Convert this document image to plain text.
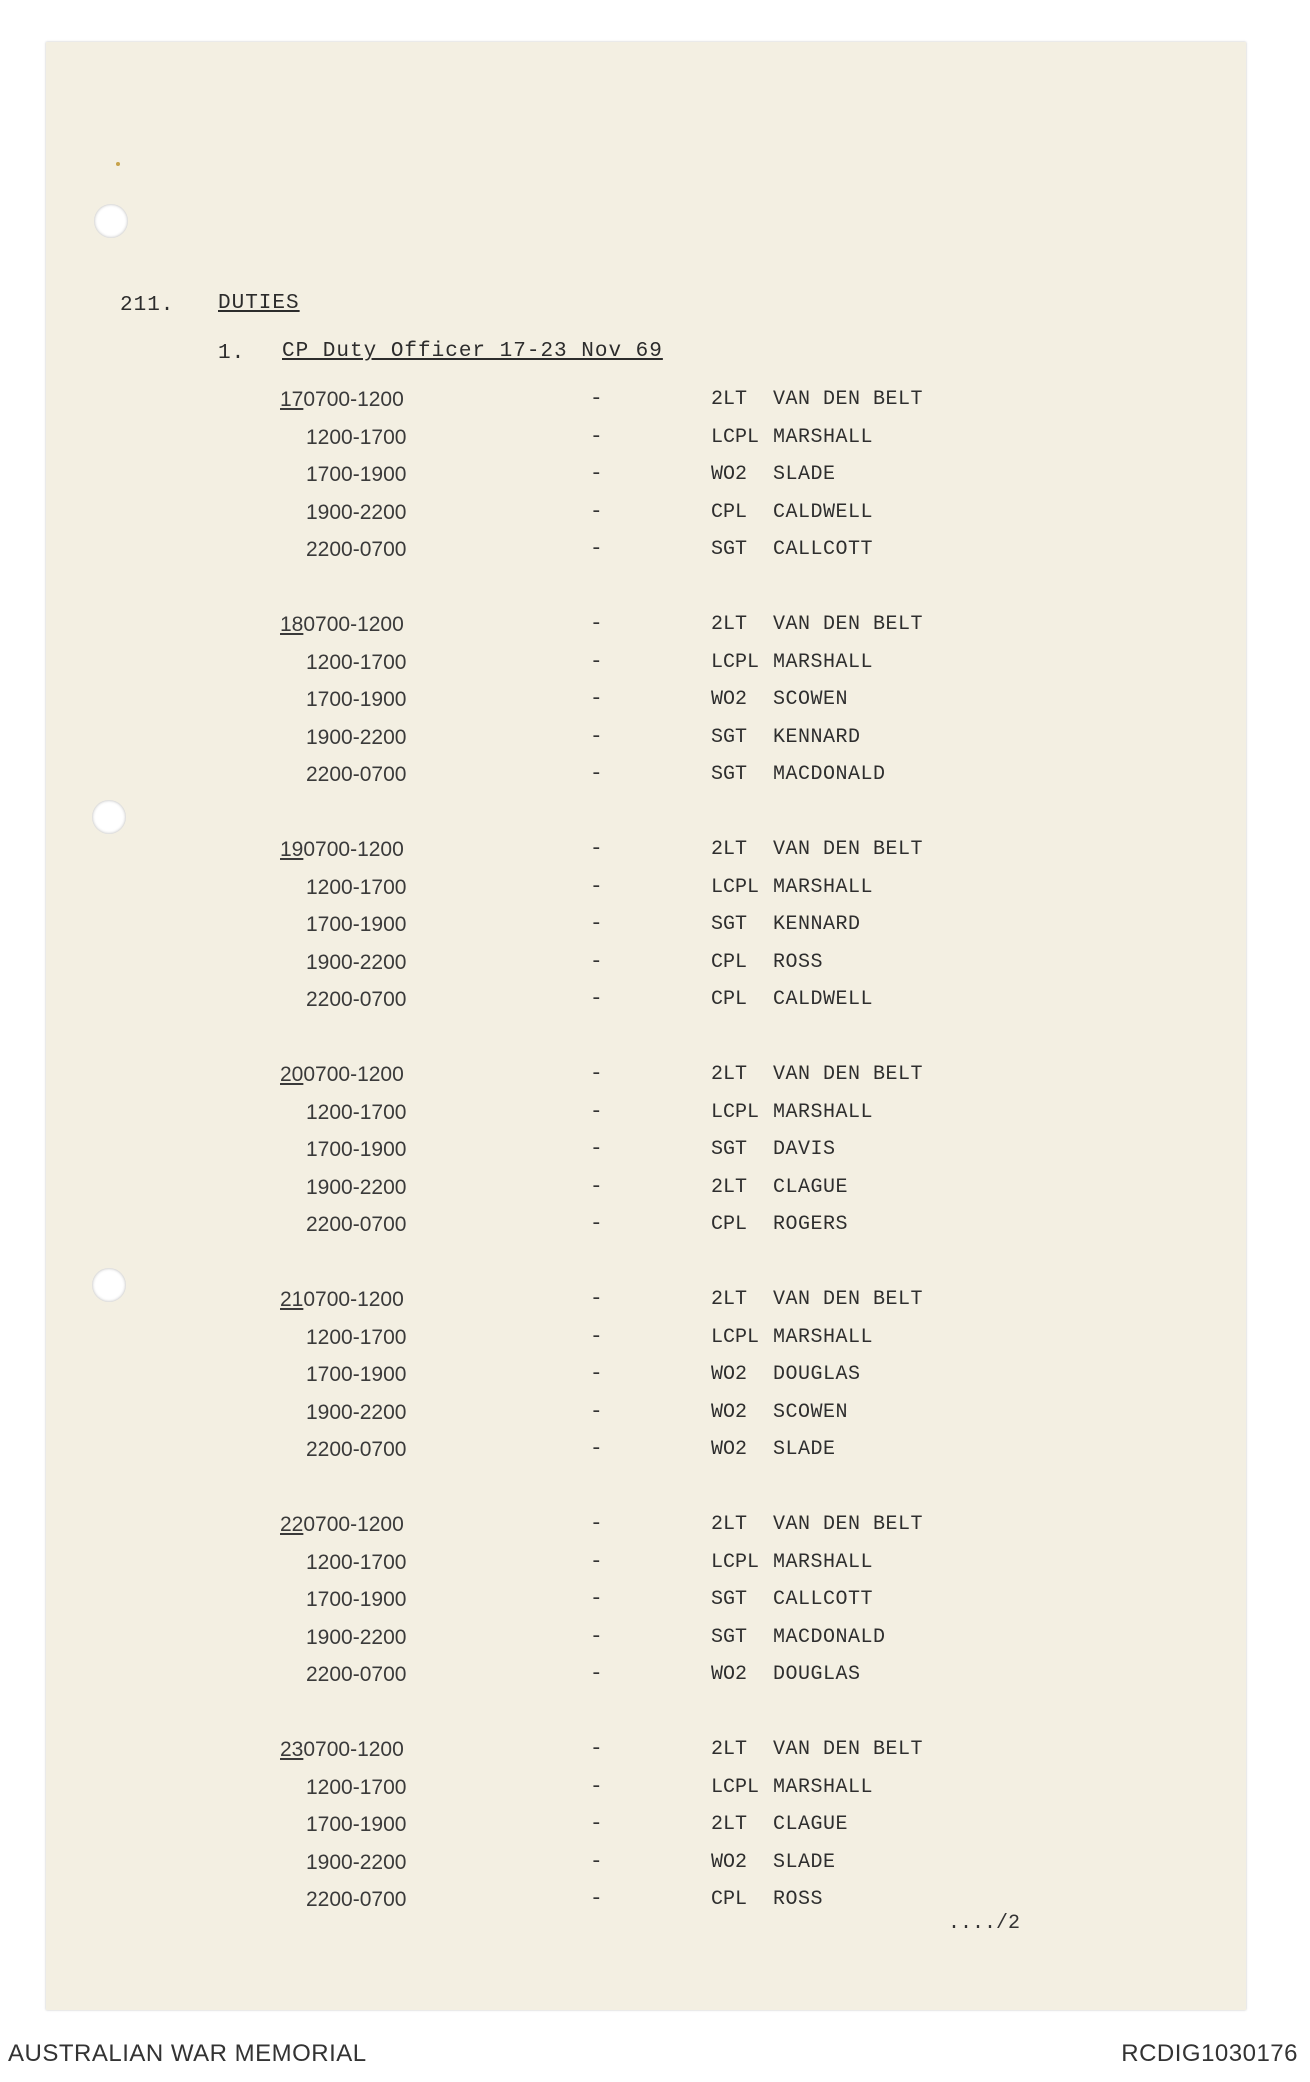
211. DUTIES
1. CP Duty Officer 17-23 Nov 69
170700-1200	-	2LT VAN DEN BELT
1200-1700	-	LCPL MARSHALL
1700-1900	-	WO2 SLADE
1900-2200	-	CPL CALDWELL
2200-0700	-	SGT CALLCOTT
180700-1200	-	2LT VAN DEN BELT
1200-1700	-	LCPL MARSHALL
1700-1900	-	WO2 SCOWEN
1900-2200	-	SGT KENNARD
2200-0700	-	SGT MACDONALD
190700-1200	-	2LT VAN DEN BELT
1200-1700	-	LCPL MARSHALL
1700-1900	-	SGT KENNARD
1900-2200	-	CPL ROSS
2200-0700	-	CPL CALDWELL
200700-1200	-	2LT VAN DEN BELT
1200-1700	-	LCPL MARSHALL
1700-1900	-	SGT DAVIS
1900-2200	-	2LT CLAGUE
2200-0700	-	CPL ROGERS
210700-1200	-	2LT VAN DEN BELT
1200-1700	-	LCPL MARSHALL
1700-1900	-	WO2 DOUGLAS
1900-2200	-	WO2 SCOWEN
2200-0700	-	WO2 SLADE
220700-1200	-	2LT VAN DEN BELT
1200-1700	-	LCPL MARSHALL
1700-1900	-	SGT CALLCOTT
1900-2200	-	SGT MACDONALD
2200-0700	-	WO2 DOUGLAS
230700-1200	-	2LT VAN DEN BELT
1200-1700	-	LCPL MARSHALL
1700-1900	-	2LT CLAGUE
1900-2200	-	WO2 SLADE
2200-0700	-	CPL ROSS
..../2
AUSTRALIAN WAR MEMORIAL	RCDIG1030176
